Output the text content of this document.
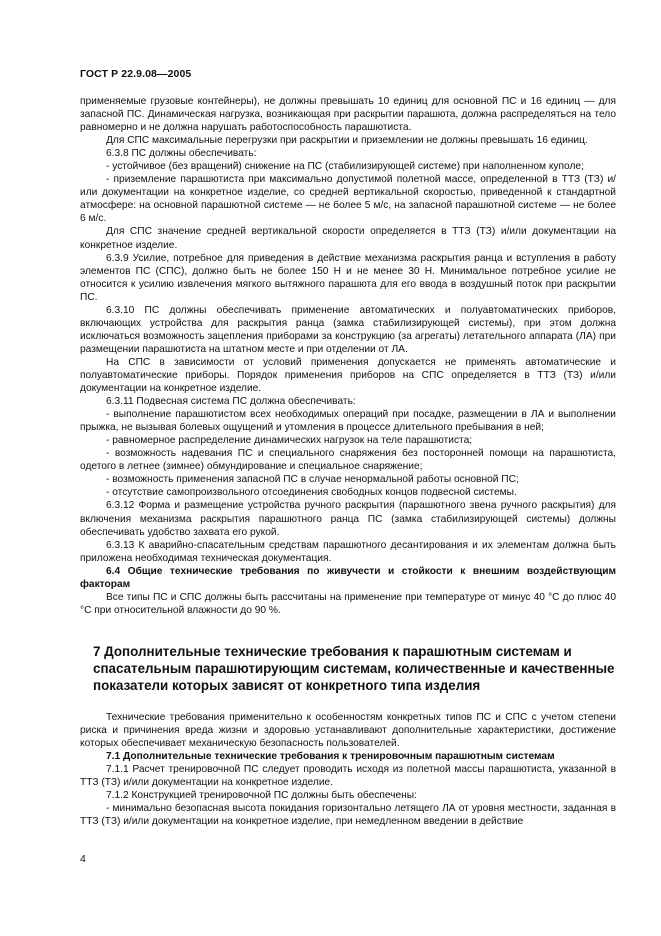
ГОСТ Р 22.9.08—2005

применяемые грузовые контейнеры), не должны превышать 10 единиц для основной ПС и 16 единиц — для запасной ПС. Динамическая нагрузка, возникающая при раскрытии парашюта, должна распределяться на тело равномерно и не должна нарушать работоспособность парашютиста.

Для СПС максимальные перегрузки при раскрытии и приземлении не должны превышать 16 единиц.

6.3.8 ПС должны обеспечивать:

- устойчивое (без вращений) снижение на ПС (стабилизирующей системе) при наполненном куполе;

- приземление парашютиста при максимально допустимой полетной массе, определенной в ТТЗ (ТЗ) и/или документации на конкретное изделие, со средней вертикальной скоростью, приведенной к стандартной атмосфере: на основной парашютной системе — не более 5 м/с, на запасной парашютной системе — не более 6 м/с.

Для СПС значение средней вертикальной скорости определяется в ТТЗ (ТЗ) и/или документации на конкретное изделие.

6.3.9 Усилие, потребное для приведения в действие механизма раскрытия ранца и вступления в работу элементов ПС (СПС), должно быть не более 150 Н и не менее 30 Н. Минимальное потребное усилие не относится к усилию извлечения мягкого вытяжного парашюта для его ввода в воздушный поток при раскрытии ПС.

6.3.10 ПС должны обеспечивать применение автоматических и полуавтоматических приборов, включающих устройства для раскрытия ранца (замка стабилизирующей системы), при этом должна исключаться возможность зацепления приборами за конструкцию (за агрегаты) летательного аппарата (ЛА) при размещении парашютиста на штатном месте и при отделении от ЛА.

На СПС в зависимости от условий применения допускается не применять автоматические и полуавтоматические приборы. Порядок применения приборов на СПС определяется в ТТЗ (ТЗ) и/или документации на конкретное изделие.

6.3.11 Подвесная система ПС должна обеспечивать:

- выполнение парашютистом всех необходимых операций при посадке, размещении в ЛА и выполнении прыжка, не вызывая болевых ощущений и утомления в процессе длительного пребывания в ней;

- равномерное распределение динамических нагрузок на теле парашютиста;

- возможность надевания ПС и специального снаряжения без посторонней помощи на парашютиста, одетого в летнее (зимнее) обмундирование и специальное снаряжение;

- возможность применения запасной ПС в случае ненормальной работы основной ПС;

- отсутствие самопроизвольного отсоединения свободных концов подвесной системы.

6.3.12 Форма и размещение устройства ручного раскрытия (парашютного звена ручного раскрытия) для включения механизма раскрытия парашютного ранца ПС (замка стабилизирующей системы) должны обеспечивать удобство захвата его рукой.

6.3.13 К аварийно-спасательным средствам парашютного десантирования и их элементам должна быть приложена необходимая техническая документация.

6.4 Общие технические требования по живучести и стойкости к внешним воздействующим факторам

Все типы ПС и СПС должны быть рассчитаны на применение при температуре от минус 40 °С до плюс 40 °С при относительной влажности до 90 %.

7 Дополнительные технические требования к парашютным системам и спасательным парашютирующим системам, количественные и качественные показатели которых зависят от конкретного типа изделия

Технические требования применительно к особенностям конкретных типов ПС и СПС с учетом степени риска и причинения вреда жизни и здоровью устанавливают дополнительные характеристики, достижение которых обеспечивает механическую безопасность пользователей.

7.1 Дополнительные технические требования к тренировочным парашютным системам

7.1.1 Расчет тренировочной ПС следует проводить исходя из полетной массы парашютиста, указанной в ТТЗ (ТЗ) и/или документации на конкретное изделие.

7.1.2 Конструкцией тренировочной ПС должны быть обеспечены:

- минимально безопасная высота покидания горизонтально летящего ЛА от уровня местности, заданная в ТТЗ (ТЗ) и/или документации на конкретное изделие, при немедленном введении в действие

4
